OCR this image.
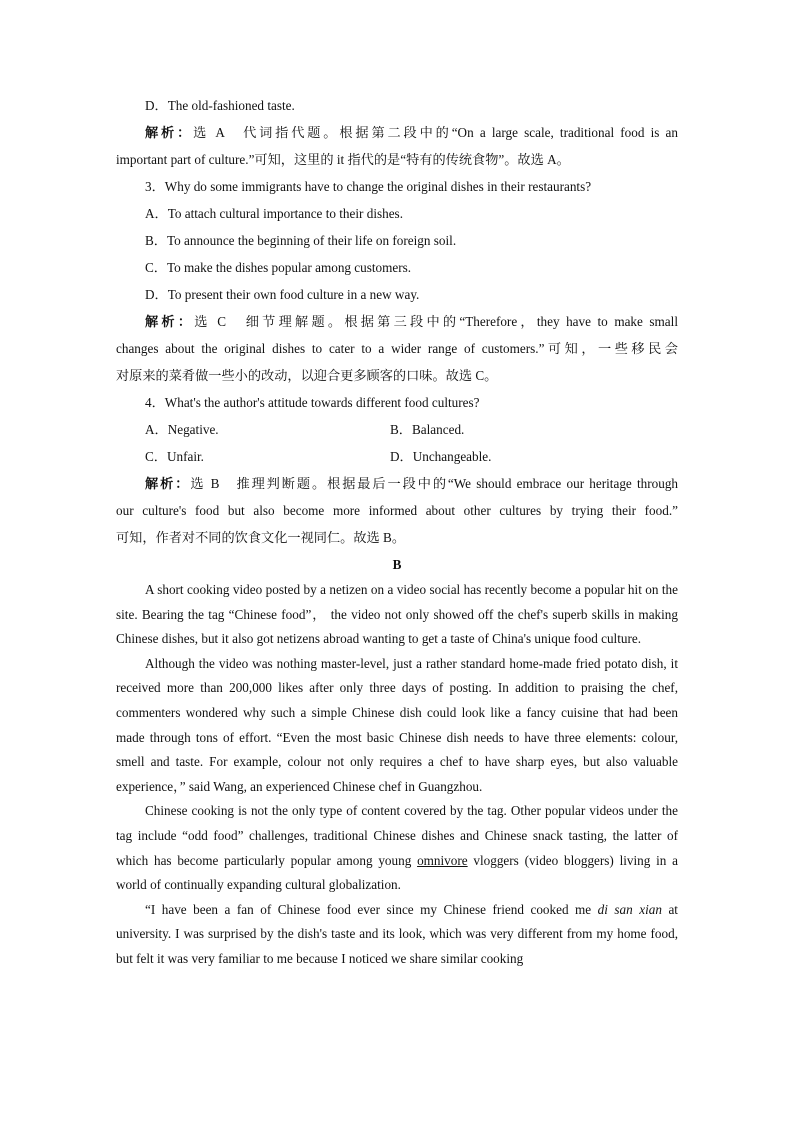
D．The old-fashioned taste.
解析：选 A　代词指代题。根据第二段中的“On a large scale, traditional food is an
important part of culture.”可知，这里的 it 指代的是“特有的传统食物”。故选 A。
3．Why do some immigrants have to change the original dishes in their restaurants?
A．To attach cultural importance to their dishes.
B．To announce the beginning of their life on foreign soil.
C．To make the dishes popular among customers.
D．To present their own food culture in a new way.
解析：选 C　细节理解题。根据第三段中的“Therefore，they have to make small
changes about the original dishes to cater to a wider range of customers.”可知，一些移民会
对原来的菜肴做一些小的改动，以迎合更多顾客的口味。故选 C。
4．What's the author's attitude towards different food cultures?
A．Negative.	B．Balanced.
C．Unfair.	D．Unchangeable.
解析：选 B　推理判断题。根据最后一段中的“We should embrace our heritage through
our culture's food but also become more informed about other cultures by trying their food.”
可知，作者对不同的饮食文化一视同仁。故选 B。
B

A short cooking video posted by a netizen on a video social has recently become a popular hit on the site. Bearing the tag “Chinese food”， the video not only showed off the chef's superb skills in making Chinese dishes, but it also got netizens abroad wanting to get a taste of China's unique food culture.

Although the video was nothing master-level, just a rather standard home-made fried potato dish, it received more than 200,000 likes after only three days of posting. In addition to praising the chef, commenters wondered why such a simple Chinese dish could look like a fancy cuisine that had been made through tons of effort. “Even the most basic Chinese dish needs to have three elements: colour, smell and taste. For example, colour not only requires a chef to have sharp eyes, but also valuable experience，” said Wang, an experienced Chinese chef in Guangzhou.

Chinese cooking is not the only type of content covered by the tag. Other popular videos under the tag include “odd food” challenges, traditional Chinese dishes and Chinese snack tasting, the latter of which has become particularly popular among young omnivore vloggers (video bloggers) living in a world of continually expanding cultural globalization.

“I have been a fan of Chinese food ever since my Chinese friend cooked me di san xian at university. I was surprised by the dish's taste and its look, which was very different from my home food, but felt it was very familiar to me because I noticed we share similar cooking
